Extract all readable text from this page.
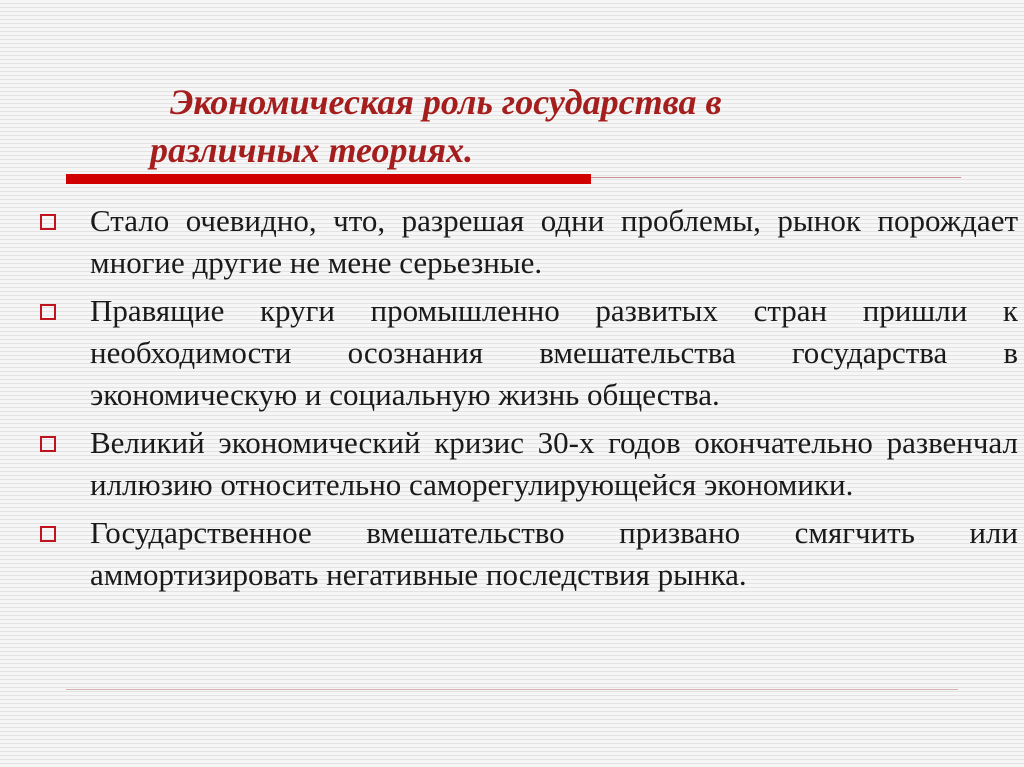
Экономическая роль государства в
различных теориях.
Стало очевидно, что, разрешая одни проблемы, рынок порождает многие другие не мене серьезные.
Правящие круги промышленно развитых стран пришли к необходимости осознания вмешательства государства в экономическую и социальную жизнь общества.
Великий экономический кризис 30-х годов окончательно развенчал иллюзию относительно саморегулирующейся экономики.
Государственное вмешательство призвано смягчить или аммортизировать негативные последствия рынка.
